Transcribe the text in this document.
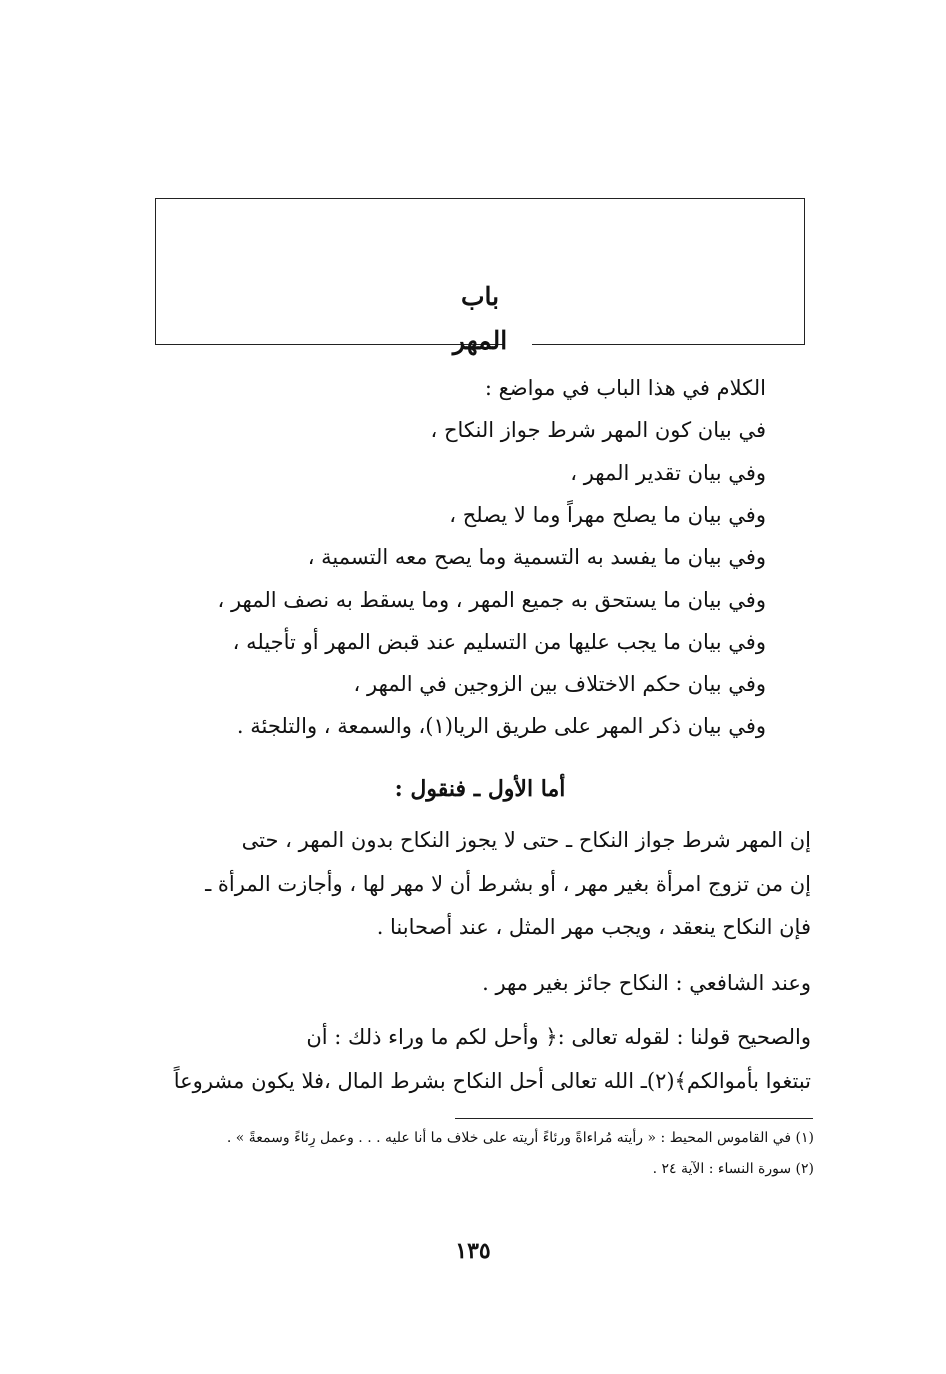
باب
المهر
الكلام في هذا الباب في مواضع :
في بيان كون المهر شرط جواز النكاح ،
وفي بيان تقدير المهر ،
وفي بيان ما يصلح مهراً وما لا يصلح ،
وفي بيان ما يفسد به التسمية وما يصح معه التسمية ،
وفي بيان ما يستحق به جميع المهر ، وما يسقط به نصف المهر ،
وفي بيان ما يجب عليها من التسليم عند قبض المهر أو تأجيله ،
وفي بيان حكم الاختلاف بين الزوجين في المهر ،
وفي بيان ذكر المهر على طريق الريا(١)، والسمعة ، والتلجئة .
أما الأول ـ فنقول :
إن المهر شرط جواز النكاح ـ حتى لا يجوز النكاح بدون المهر ، حتى
إن من تزوج امرأة بغير مهر ، أو بشرط أن لا مهر لها ، وأجازت المرأة ـ
فإن النكاح ينعقد ، ويجب مهر المثل ، عند أصحابنا .
وعند الشافعي : النكاح جائز بغير مهر .
والصحيح قولنا : لقوله تعالى :﴿ وأحل لكم ما وراء ذلك : أن
تبتغوا بأموالكم﴾(٢)ـ الله تعالى أحل النكاح بشرط المال ،فلا يكون مشروعاً
(١) في القاموس المحيط : « رأيته مُراءاةً ورئاءً أريته على خلاف ما أنا عليه . . . وعمل رِئاءً وسمعةً » .
(٢) سورة النساء : الآية ٢٤ .
١٣٥
